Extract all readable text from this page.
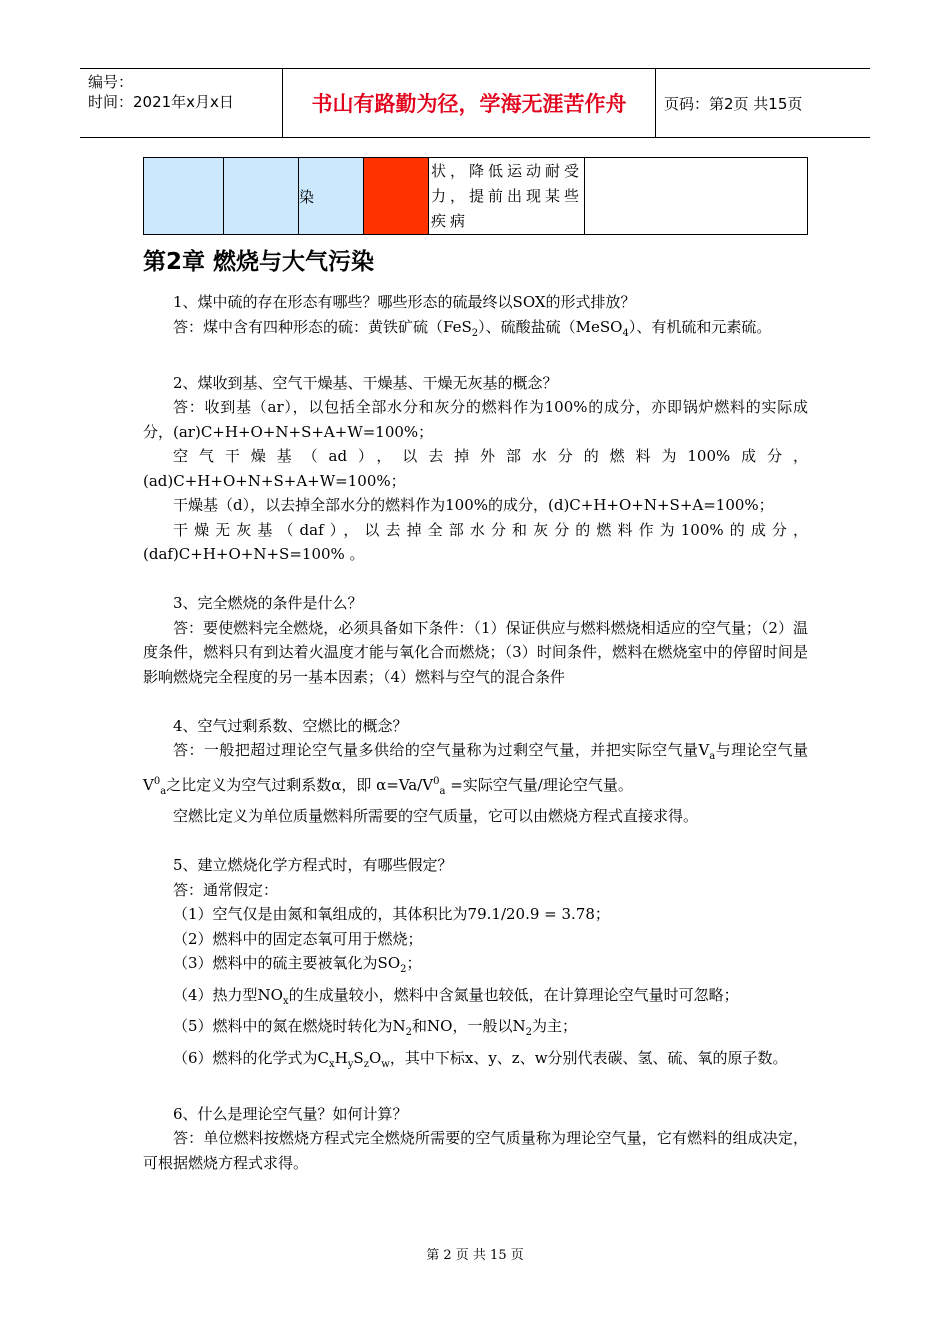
编号：
时间：2021年x月x日	书山有路勤为径，学海无涯苦作舟	页码：第2页 共15页
		染		状，降低运动耐受力，提前出现某些疾病	
第2章 燃烧与大气污染

1、煤中硫的存在形态有哪些？哪些形态的硫最终以SOX的形式排放？

答：煤中含有四种形态的硫：黄铁矿硫（FeS$_2$）、硫酸盐硫（MeSO$_4$）、有机硫和元素硫。

2、煤收到基、空气干燥基、干燥基、干燥无灰基的概念？

答：收到基（ar），以包括全部水分和灰分的燃料作为100%的成分，亦即锅炉燃料的实际成分，(ar)C+H+O+N+S+A+W=100%；

空气干燥基（ad），以去掉外部水分的燃料为100%成分，(ad)C+H+O+N+S+A+W=100%；

干燥基（d），以去掉全部水分的燃料作为100%的成分，(d)C+H+O+N+S+A=100%；

干燥无灰基（daf），以去掉全部水分和灰分的燃料作为100%的成分，(daf)C+H+O+N+S=100% 。

3、完全燃烧的条件是什么？

答：要使燃料完全燃烧，必须具备如下条件：（1）保证供应与燃料燃烧相适应的空气量；（2）温度条件，燃料只有到达着火温度才能与氧化合而燃烧；（3）时间条件，燃料在燃烧室中的停留时间是影响燃烧完全程度的另一基本因素；（4）燃料与空气的混合条件

4、空气过剩系数、空燃比的概念？

答：一般把超过理论空气量多供给的空气量称为过剩空气量，并把实际空气量$V_a$与理论空气量$V^0_a$之比定义为空气过剩系数α，即 $\alpha=Va/V^0_a$ =实际空气量/理论空气量。

空燃比定义为单位质量燃料所需要的空气质量，它可以由燃烧方程式直接求得。

5、建立燃烧化学方程式时，有哪些假定？

答：通常假定：

（1）空气仅是由氮和氧组成的，其体积比为79.1/20.9 = 3.78；

（2）燃料中的固定态氧可用于燃烧；

（3）燃料中的硫主要被氧化为$SO_2$；

（4）热力型$NO_x$的生成量较小，燃料中含氮量也较低，在计算理论空气量时可忽略；

（5）燃料中的氮在燃烧时转化为$N_2$和NO，一般以$N_2$为主；

（6）燃料的化学式为$C_xH_yS_zO_w$，其中下标x、y、z、w分别代表碳、氢、硫、氧的原子数。

6、什么是理论空气量？如何计算？

答：单位燃料按燃烧方程式完全燃烧所需要的空气质量称为理论空气量，它有燃料的组成决定，可根据燃烧方程式求得。

第 2 页 共 15 页
